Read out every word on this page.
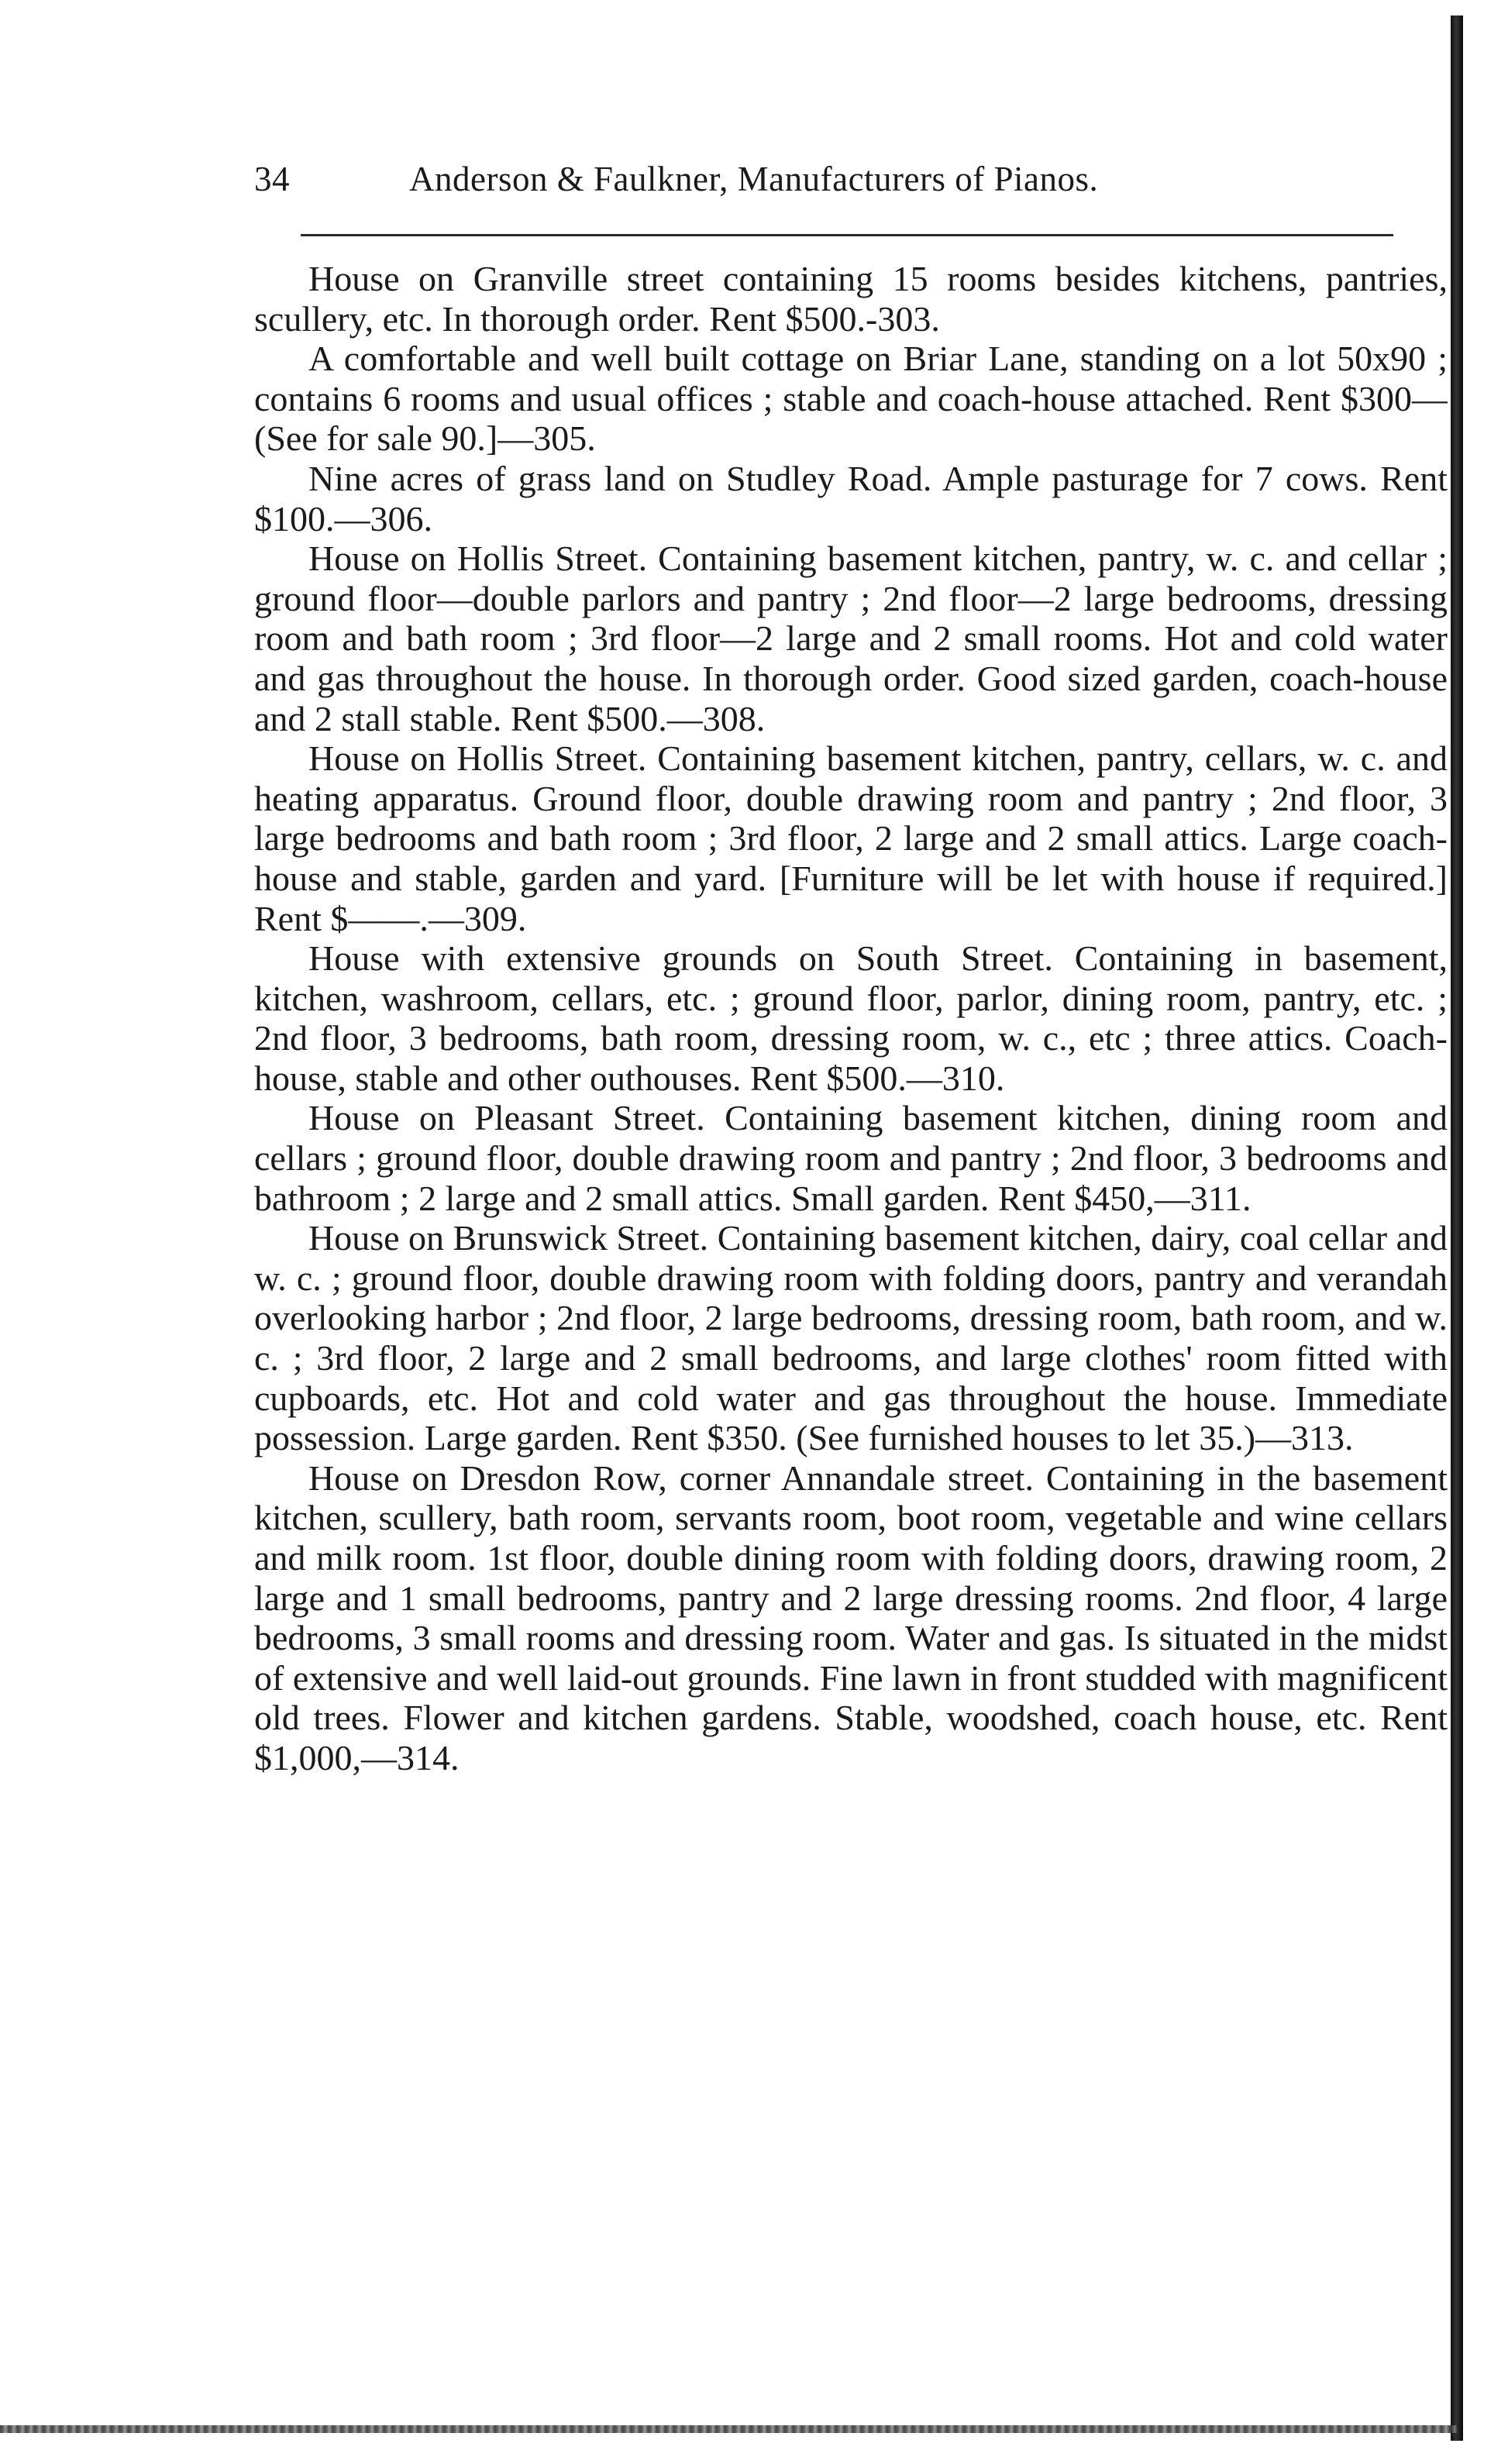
34	Anderson & Faulkner, Manufacturers of Pianos.

House on Granville street containing 15 rooms besides kitchens, pantries, scullery, etc. In thorough order. Rent $500.-303.

A comfortable and well built cottage on Briar Lane, standing on a lot 50x90 ; contains 6 rooms and usual offices ; stable and coach-house attached. Rent $300—(See for sale 90.]—305.

Nine acres of grass land on Studley Road. Ample pasturage for 7 cows. Rent $100.—306.

House on Hollis Street. Containing basement kitchen, pantry, w. c. and cellar ; ground floor—double parlors and pantry ; 2nd floor—2 large bedrooms, dressing room and bath room ; 3rd floor—2 large and 2 small rooms. Hot and cold water and gas throughout the house. In thorough order. Good sized garden, coach-house and 2 stall stable. Rent $500.—308.

House on Hollis Street. Containing basement kitchen, pantry, cellars, w. c. and heating apparatus. Ground floor, double drawing room and pantry ; 2nd floor, 3 large bedrooms and bath room ; 3rd floor, 2 large and 2 small attics. Large coach-house and stable, garden and yard. [Furniture will be let with house if required.] Rent $——.—309.

House with extensive grounds on South Street. Containing in basement, kitchen, washroom, cellars, etc. ; ground floor, parlor, dining room, pantry, etc. ; 2nd floor, 3 bedrooms, bath room, dressing room, w. c., etc ; three attics. Coach-house, stable and other outhouses. Rent $500.—310.

House on Pleasant Street. Containing basement kitchen, dining room and cellars ; ground floor, double drawing room and pantry ; 2nd floor, 3 bedrooms and bathroom ; 2 large and 2 small attics. Small garden. Rent $450,—311.

House on Brunswick Street. Containing basement kitchen, dairy, coal cellar and w. c. ; ground floor, double drawing room with folding doors, pantry and verandah overlooking harbor ; 2nd floor, 2 large bedrooms, dressing room, bath room, and w. c. ; 3rd floor, 2 large and 2 small bedrooms, and large clothes' room fitted with cupboards, etc. Hot and cold water and gas throughout the house. Immediate possession. Large garden. Rent $350. (See furnished houses to let 35.)—313.

House on Dresdon Row, corner Annandale street. Containing in the basement kitchen, scullery, bath room, servants room, boot room, vegetable and wine cellars and milk room. 1st floor, double dining room with folding doors, drawing room, 2 large and 1 small bedrooms, pantry and 2 large dressing rooms. 2nd floor, 4 large bedrooms, 3 small rooms and dressing room. Water and gas. Is situated in the midst of extensive and well laid-out grounds. Fine lawn in front studded with magnificent old trees. Flower and kitchen gardens. Stable, woodshed, coach house, etc. Rent $1,000,—314.
